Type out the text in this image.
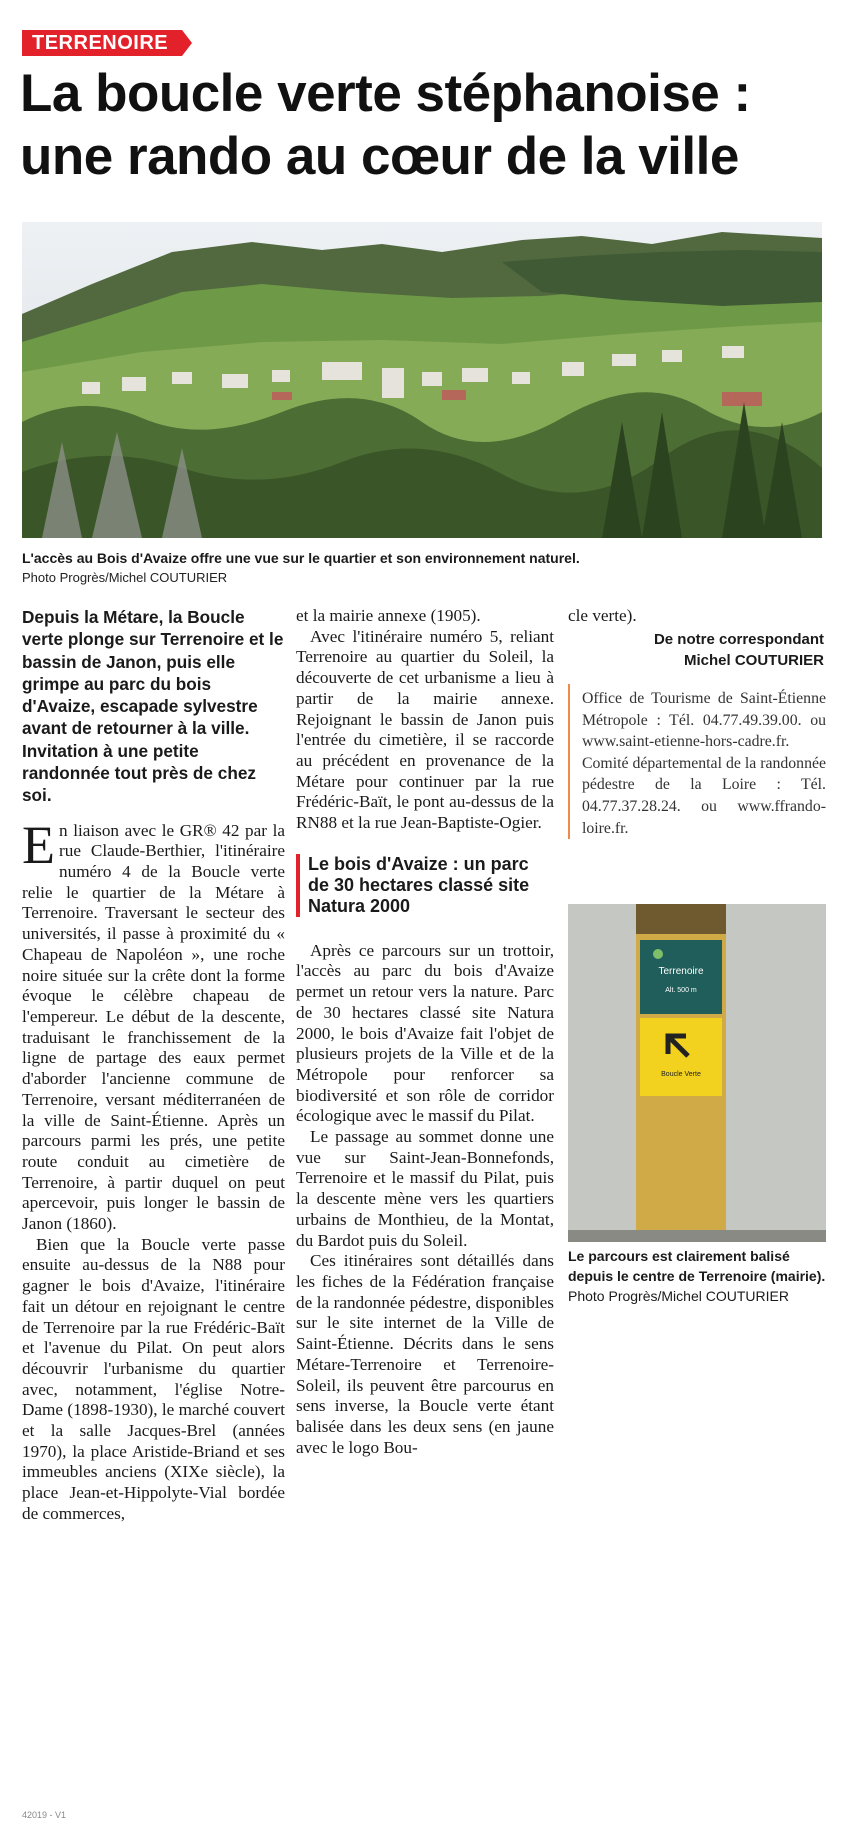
TERRENOIRE
La boucle verte stéphanoise :
une rando au cœur de la ville
L'accès au Bois d'Avaize offre une vue sur le quartier et son environnement naturel.
Photo Progrès/Michel COUTURIER
Depuis la Métare, la Boucle verte plonge sur Terrenoire et le bassin de Janon, puis elle grimpe au parc du bois d'Avaize, escapade sylvestre avant de retourner à la ville. Invitation à une petite randonnée tout près de chez soi.

En liaison avec le GR® 42 par la rue Claude-Berthier, l'itinéraire numéro 4 de la Boucle verte relie le quartier de la Métare à Terrenoire. Traversant le secteur des universités, il passe à proximité du « Chapeau de Napoléon », une roche noire située sur la crête dont la forme évoque le célèbre chapeau de l'empereur. Le début de la descente, traduisant le franchissement de la ligne de partage des eaux permet d'aborder l'ancienne commune de Terrenoire, versant méditerranéen de la ville de Saint-Étienne. Après un parcours parmi les prés, une petite route conduit au cimetière de Terrenoire, à partir duquel on peut apercevoir, puis longer le bassin de Janon (1860).

Bien que la Boucle verte passe ensuite au-dessus de la N88 pour gagner le bois d'Avaize, l'itinéraire fait un détour en rejoignant le centre de Terrenoire par la rue Frédéric-Baït et l'avenue du Pilat. On peut alors découvrir l'urbanisme du quartier avec, notamment, l'église Notre-Dame (1898-1930), le marché couvert et la salle Jacques-Brel (années 1970), la place Aristide-Briand et ses immeubles anciens (XIXe siècle), la place Jean-et-Hippolyte-Vial bordée de commerces,

et la mairie annexe (1905).

Avec l'itinéraire numéro 5, reliant Terrenoire au quartier du Soleil, la découverte de cet urbanisme a lieu à partir de la mairie annexe. Rejoignant le bassin de Janon puis l'entrée du cimetière, il se raccorde au précédent en provenance de la Métare pour continuer par la rue Frédéric-Baït, le pont au-dessus de la RN88 et la rue Jean-Baptiste-Ogier.

Le bois d'Avaize : un parc de 30 hectares classé site Natura 2000

Après ce parcours sur un trottoir, l'accès au parc du bois d'Avaize permet un retour vers la nature. Parc de 30 hectares classé site Natura 2000, le bois d'Avaize fait l'objet de plusieurs projets de la Ville et de la Métropole pour renforcer sa biodiversité et son rôle de corridor écologique avec le massif du Pilat.

Le passage au sommet donne une vue sur Saint-Jean-Bonnefonds, Terrenoire et le massif du Pilat, puis la descente mène vers les quartiers urbains de Monthieu, de la Montat, du Bardot puis du Soleil.

Ces itinéraires sont détaillés dans les fiches de la Fédération française de la randonnée pédestre, disponibles sur le site internet de la Ville de Saint-Étienne. Décrits dans le sens Métare-Terrenoire et Terrenoire-Soleil, ils peuvent être parcourus en sens inverse, la Boucle verte étant balisée dans les deux sens (en jaune avec le logo Bou-

cle verte).

De notre correspondant
Michel COUTURIER
Office de Tourisme de Saint-Étienne Métropole : Tél. 04.77.49.39.00. ou www.saint-etienne-hors-cadre.fr. Comité départemental de la randonnée pédestre de la Loire : Tél. 04.77.37.28.24. ou www.ffrando-loire.fr.
Terrenoire
Alt. 500 m
Boucle Verte
Le parcours est clairement balisé depuis le centre de Terrenoire (mairie). Photo Progrès/Michel COUTURIER
42019 - V1
